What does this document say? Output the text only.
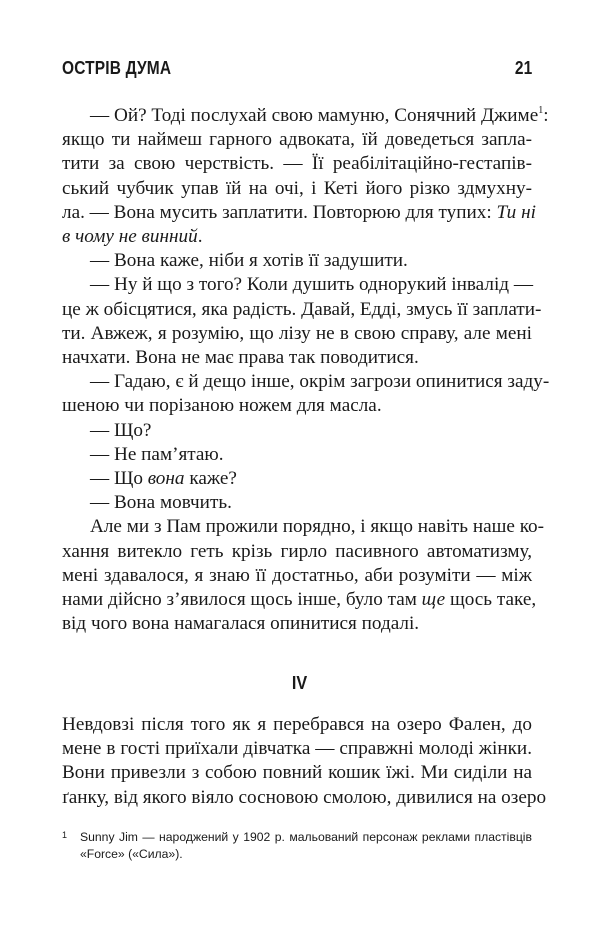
ОСТРІВ ДУМА	21
— Ой? Тоді послухай свою мамуню, Сонячний Джиме$^1$:
якщо ти наймеш гарного адвоката, їй доведеться запла-
тити за свою черствість. — Її реабілітаційно-гестапів-
ський чубчик упав їй на очі, і Кеті його різко здмухну-
ла. — Вона мусить заплатити. Повторюю для тупих: Ти ні
в чому не винний.
— Вона каже, ніби я хотів її задушити.
— Ну й що з того? Коли душить однорукий інвалід —
це ж обісцятися, яка радість. Давай, Едді, змусь її заплати-
ти. Авжеж, я розумію, що лізу не в свою справу, але мені
начхати. Вона не має права так поводитися.
— Гадаю, є й дещо інше, окрім загрози опинитися заду-
шеною чи порізаною ножем для масла.
— Що?
— Не пам’ятаю.
— Що вона каже?
— Вона мовчить.
Але ми з Пам прожили порядно, і якщо навіть наше ко-
хання витекло геть крізь гирло пасивного автоматизму,
мені здавалося, я знаю її достатньо, аби розуміти — між
нами дійсно з’явилося щось інше, було там ще щось таке,
від чого вона намагалася опинитися подалі.
IV
Невдовзі після того як я перебрався на озеро Фален, до
мене в гості приїхали дівчатка — справжні молоді жінки.
Вони привезли з собою повний кошик їжі. Ми сиділи на
ґанку, від якого віяло сосновою смолою, дивилися на озеро
1 Sunny Jim — народжений у 1902 р. мальований персонаж реклами пластівців
«Force» («Сила»).
